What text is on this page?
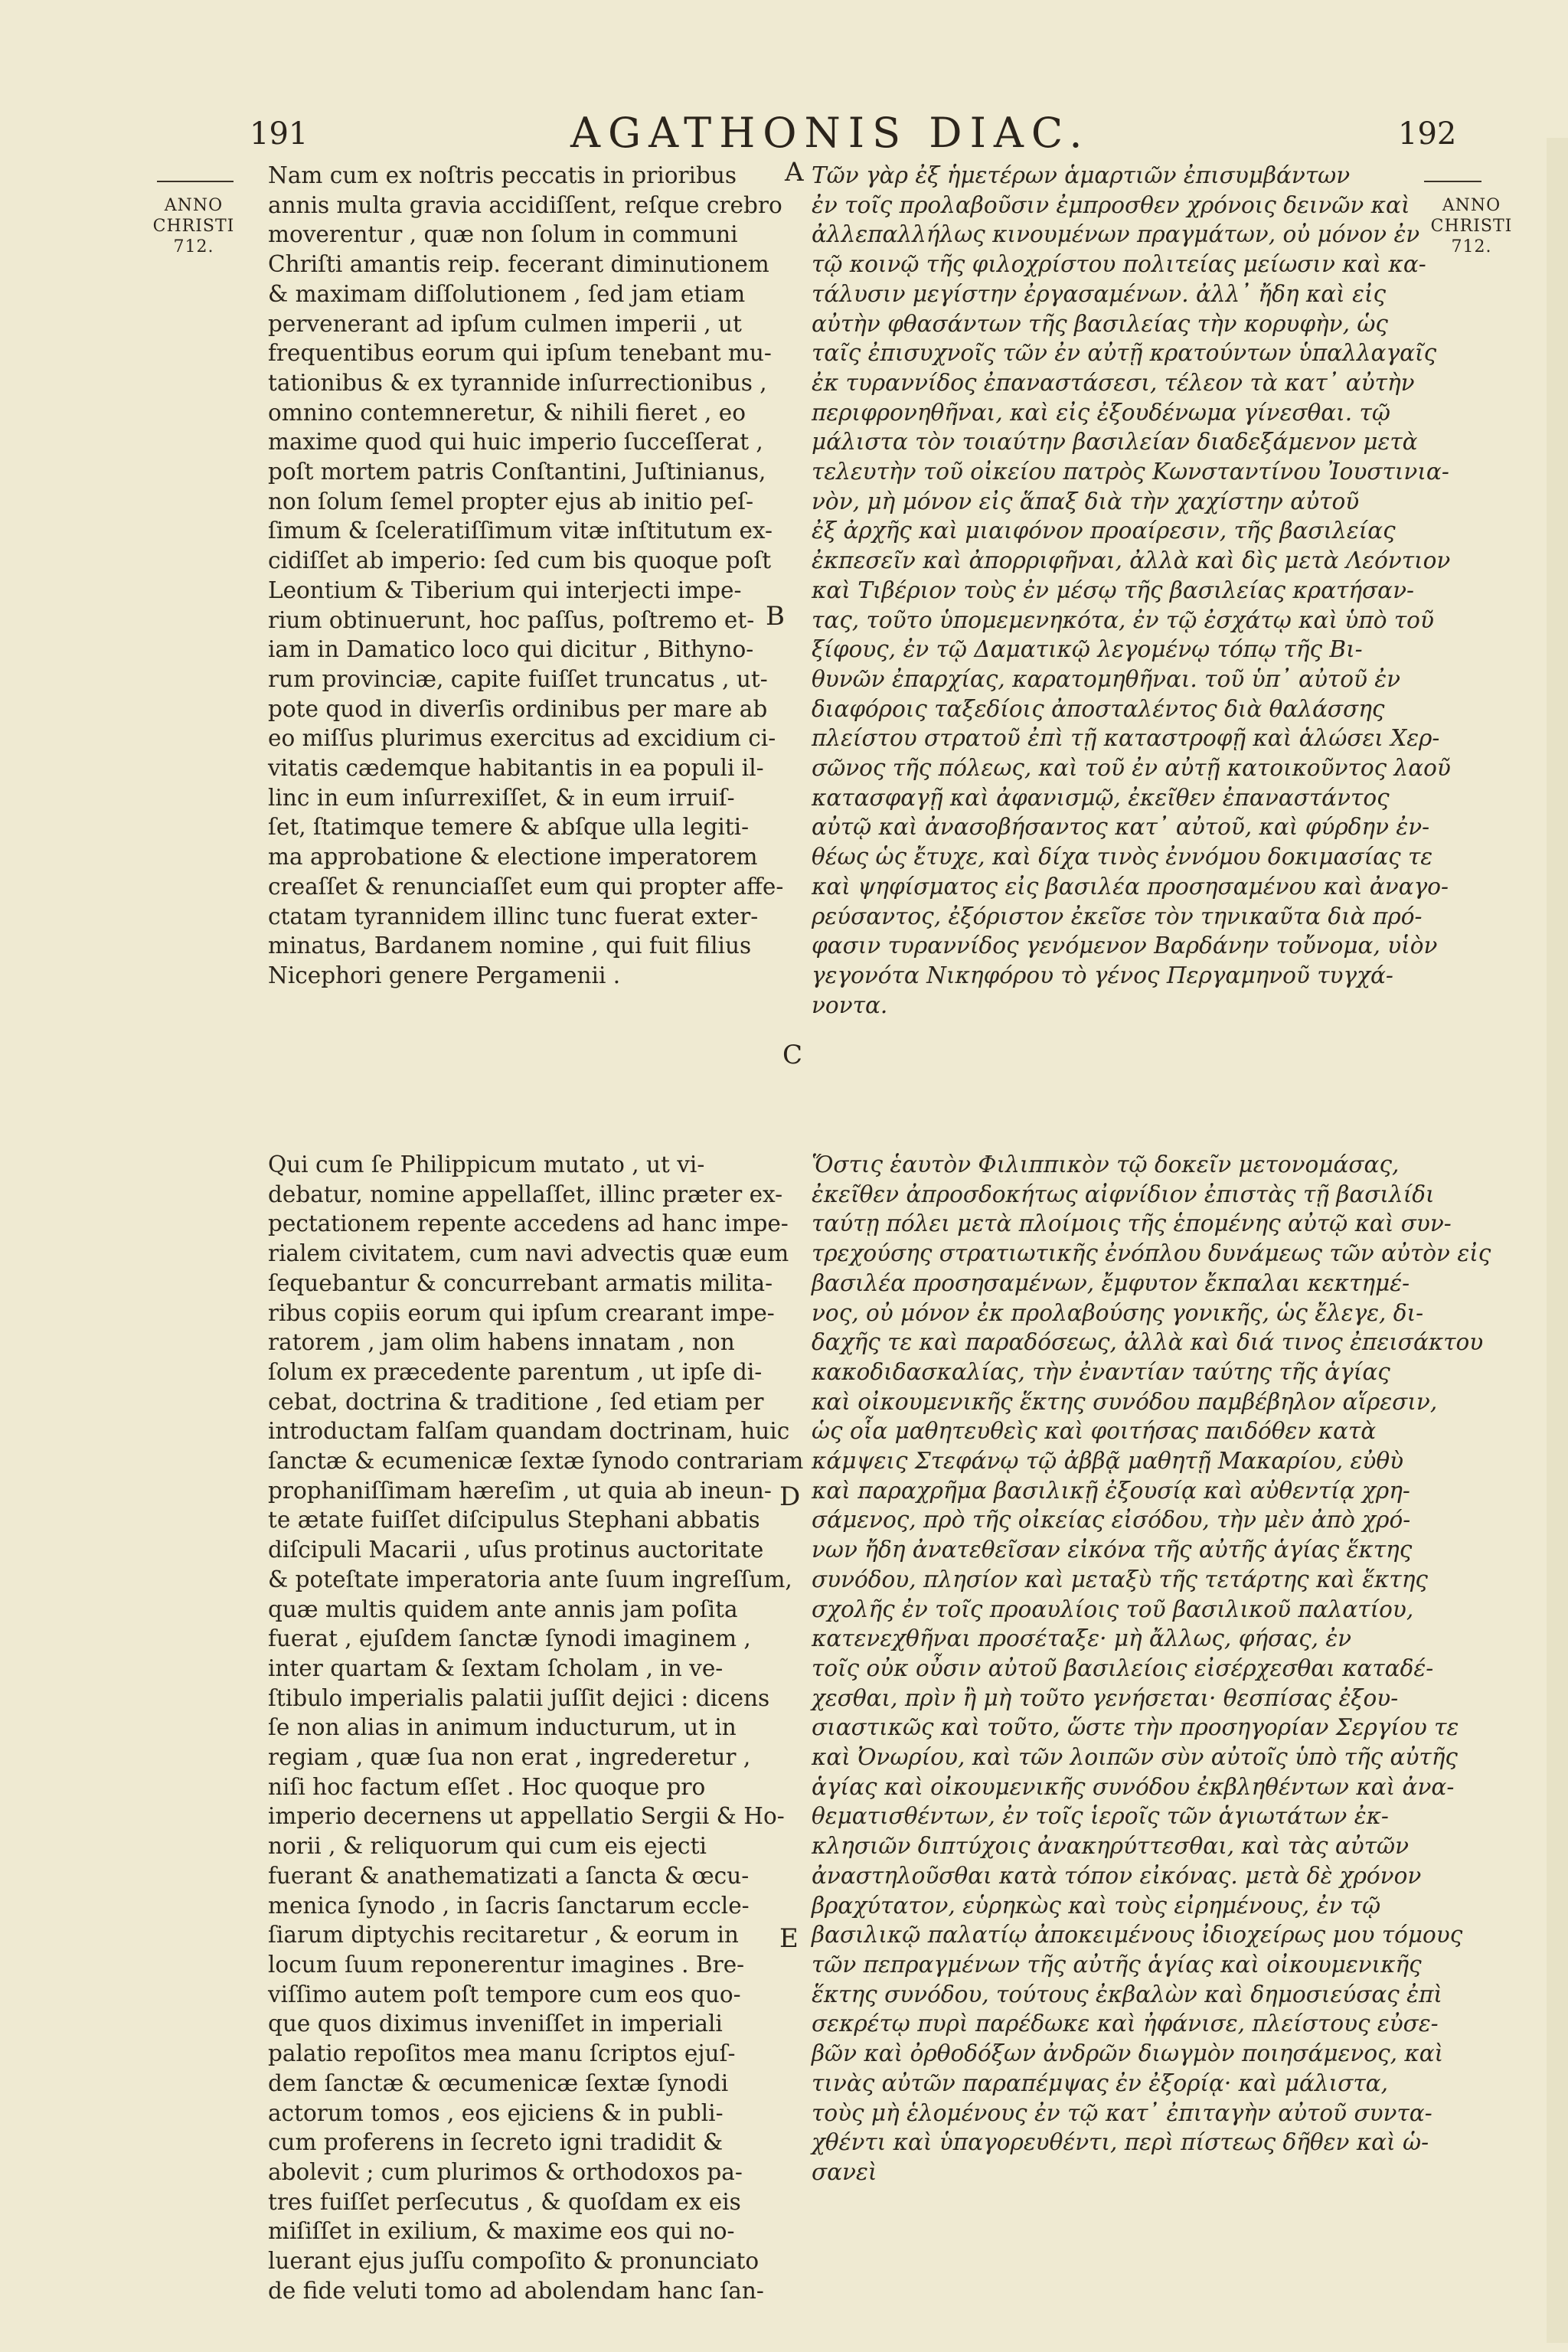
191	AGATHONIS DIAC.	192
ANNO
CHRISTI
712.
ANNO
CHRISTI
712.
A
B
C
D
E
Nam cum ex noſtris peccatis in prioribus
annis multa gravia accidiſſent, reſque crebro
moverentur , quæ non ſolum in communi
Chriſti amantis reip. fecerant diminutionem
& maximam diſſolutionem , ſed jam etiam
pervenerant ad ipſum culmen imperii , ut
frequentibus eorum qui ipſum tenebant mu-
tationibus & ex tyrannide inſurrectionibus ,
omnino contemneretur, & nihili fieret , eo
maxime quod qui huic imperio ſucceſſerat ,
poſt mortem patris Conſtantini, Juſtinianus,
non ſolum ſemel propter ejus ab initio peſ-
ſimum & ſceleratiſſimum vitæ inſtitutum ex-
cidiſſet ab imperio: ſed cum bis quoque poſt
Leontium & Tiberium qui interjecti impe-
rium obtinuerunt, hoc paſſus, poſtremo et-
iam in Damatico loco qui dicitur , Bithyno-
rum provinciæ, capite fuiſſet truncatus , ut-
pote quod in diverſis ordinibus per mare ab
eo miſſus plurimus exercitus ad excidium ci-
vitatis cædemque habitantis in ea populi il-
linc in eum inſurrexiſſet, & in eum irruiſ-
ſet, ſtatimque temere & abſque ulla legiti-
ma approbatione & electione imperatorem
creaſſet & renunciaſſet eum qui propter affe-
ctatam tyrannidem illinc tunc fuerat exter-
minatus, Bardanem nomine , qui fuit filius
Nicephori genere Pergamenii .
Qui cum ſe Philippicum mutato , ut vi-
debatur, nomine appellaſſet, illinc præter ex-
pectationem repente accedens ad hanc impe-
rialem civitatem, cum navi advectis quæ eum
ſequebantur & concurrebant armatis milita-
ribus copiis eorum qui ipſum crearant impe-
ratorem , jam olim habens innatam , non
ſolum ex præcedente parentum , ut ipſe di-
cebat, doctrina & traditione , ſed etiam per
introductam falſam quandam doctrinam, huic
ſanctæ & ecumenicæ ſextæ ſynodo contrariam
prophaniſſimam hæreſim , ut quia ab ineun-
te ætate fuiſſet diſcipulus Stephani abbatis
diſcipuli Macarii , uſus protinus auctoritate
& poteſtate imperatoria ante ſuum ingreſſum,
quæ multis quidem ante annis jam poſita
fuerat , ejuſdem ſanctæ ſynodi imaginem ,
inter quartam & ſextam ſcholam , in ve-
ſtibulo imperialis palatii juſſit dejici : dicens
ſe non alias in animum inducturum, ut in
regiam , quæ ſua non erat , ingrederetur ,
niſi hoc factum eſſet . Hoc quoque pro
imperio decernens ut appellatio Sergii & Ho-
norii , & reliquorum qui cum eis ejecti
fuerant & anathematizati a ſancta & œcu-
menica ſynodo , in ſacris ſanctarum eccle-
ſiarum diptychis recitaretur , & eorum in
locum ſuum reponerentur imagines . Bre-
viſſimo autem poſt tempore cum eos quo-
que quos diximus inveniſſet in imperiali
palatio repoſitos mea manu ſcriptos ejuſ-
dem ſanctæ & œcumenicæ ſextæ ſynodi
actorum tomos , eos ejiciens & in publi-
cum proferens in ſecreto igni tradidit &
abolevit ; cum plurimos & orthodoxos pa-
tres fuiſſet perſecutus , & quoſdam ex eis
miſiſſet in exilium, & maxime eos qui no-
luerant ejus juſſu compoſito & pronunciato
de fide veluti tomo ad abolendam hanc ſan-
Τῶν γὰρ ἐξ ἡμετέρων ἁμαρτιῶν ἐπισυμβάντων
ἐν τοῖς προλαβοῦσιν ἐμπροσθεν χρόνοις δεινῶν καὶ
ἀλλεπαλλήλως κινουμένων πραγμάτων, οὐ μόνον ἐν
τῷ κοινῷ τῆς φιλοχρίστου πολιτείας μείωσιν καὶ κα-
τάλυσιν μεγίστην ἐργασαμένων. ἀλλ᾽ ἤδη καὶ εἰς
αὐτὴν φθασάντων τῆς βασιλείας τὴν κορυφὴν, ὡς
ταῖς ἐπισυχνοῖς τῶν ἐν αὐτῇ κρατούντων ὑπαλλαγαῖς
ἐκ τυραννίδος ἐπαναστάσεσι, τέλεον τὰ κατ᾽ αὐτὴν
περιφρονηθῆναι, καὶ εἰς ἐξουδένωμα γίνεσθαι. τῷ
μάλιστα τὸν τοιαύτην βασιλείαν διαδεξάμενον μετὰ
τελευτὴν τοῦ οἰκείου πατρὸς Κωνσταντίνου Ἰουστινια-
νὸν, μὴ μόνον εἰς ἅπαξ διὰ τὴν χαχίστην αὐτοῦ
ἐξ ἀρχῆς καὶ μιαιφόνον προαίρεσιν, τῆς βασιλείας
ἐκπεσεῖν καὶ ἀπορριφῆναι, ἀλλὰ καὶ δὶς μετὰ Λεόντιον
καὶ Τιβέριον τοὺς ἐν μέσῳ τῆς βασιλείας κρατήσαν-
τας, τοῦτο ὑπομεμενηκότα, ἐν τῷ ἐσχάτῳ καὶ ὑπὸ τοῦ
ξίφους, ἐν τῷ Δαματικῷ λεγομένῳ τόπῳ τῆς Βι-
θυνῶν ἐπαρχίας, καρατομηθῆναι. τοῦ ὑπ᾽ αὐτοῦ ἐν
διαφόροις ταξεδίοις ἀποσταλέντος διὰ θαλάσσης
πλείστου στρατοῦ ἐπὶ τῇ καταστροφῇ καὶ ἁλώσει Χερ-
σῶνος τῆς πόλεως, καὶ τοῦ ἐν αὐτῇ κατοικοῦντος λαοῦ
κατασφαγῇ καὶ ἀφανισμῷ, ἐκεῖθεν ἐπαναστάντος
αὐτῷ καὶ ἀνασοβήσαντος κατ᾽ αὐτοῦ, καὶ φύρδην ἐν-
θέως ὡς ἔτυχε, καὶ δίχα τινὸς ἐννόμου δοκιμασίας τε
καὶ ψηφίσματος εἰς βασιλέα προσησαμένου καὶ ἀναγο-
ρεύσαντος, ἐξόριστον ἐκεῖσε τὸν τηνικαῦτα διὰ πρό-
φασιν τυραννίδος γενόμενον Βαρδάνην τοὔνομα, υἱὸν
γεγονότα Νικηφόρου τὸ γένος Περγαμηνοῦ τυγχά-
νοντα.
Ὅστις ἑαυτὸν Φιλιππικὸν τῷ δοκεῖν μετονομάσας,
ἐκεῖθεν ἀπροσδοκήτως αἰφνίδιον ἐπιστὰς τῇ βασιλίδι
ταύτῃ πόλει μετὰ πλοίμοις τῆς ἑπομένης αὐτῷ καὶ συν-
τρεχούσης στρατιωτικῆς ἐνόπλου δυνάμεως τῶν αὐτὸν εἰς
βασιλέα προσησαμένων, ἔμφυτον ἔκπαλαι κεκτημέ-
νος, οὐ μόνον ἐκ προλαβούσης γονικῆς, ὡς ἔλεγε, δι-
δαχῆς τε καὶ παραδόσεως, ἀλλὰ καὶ διά τινος ἐπεισάκτου
κακοδιδασκαλίας, τὴν ἐναντίαν ταύτης τῆς ἁγίας
καὶ οἰκουμενικῆς ἕκτης συνόδου παμβέβηλον αἵρεσιν,
ὡς οἷα μαθητευθεὶς καὶ φοιτήσας παιδόθεν κατὰ
κάμψεις Στεφάνῳ τῷ ἀββᾷ μαθητῇ Μακαρίου, εὐθὺ
καὶ παραχρῆμα βασιλικῇ ἐξουσίᾳ καὶ αὐθεντίᾳ χρη-
σάμενος, πρὸ τῆς οἰκείας εἰσόδου, τὴν μὲν ἀπὸ χρό-
νων ἤδη ἀνατεθεῖσαν εἰκόνα τῆς αὐτῆς ἁγίας ἕκτης
συνόδου, πλησίον καὶ μεταξὺ τῆς τετάρτης καὶ ἕκτης
σχολῆς ἐν τοῖς προαυλίοις τοῦ βασιλικοῦ παλατίου,
κατενεχθῆναι προσέταξε· μὴ ἄλλως, φήσας, ἐν
τοῖς οὐκ οὖσιν αὐτοῦ βασιλείοις εἰσέρχεσθαι καταδέ-
χεσθαι, πρὶν ἢ μὴ τοῦτο γενήσεται· θεσπίσας ἐξου-
σιαστικῶς καὶ τοῦτο, ὥστε τὴν προσηγορίαν Σεργίου τε
καὶ Ὀνωρίου, καὶ τῶν λοιπῶν σὺν αὐτοῖς ὑπὸ τῆς αὐτῆς
ἁγίας καὶ οἰκουμενικῆς συνόδου ἐκβληθέντων καὶ ἀνα-
θεματισθέντων, ἐν τοῖς ἱεροῖς τῶν ἁγιωτάτων ἐκ-
κλησιῶν διπτύχοις ἀνακηρύττεσθαι, καὶ τὰς αὐτῶν
ἀναστηλοῦσθαι κατὰ τόπον εἰκόνας. μετὰ δὲ χρόνον
βραχύτατον, εὑρηκὼς καὶ τοὺς εἰρημένους, ἐν τῷ
βασιλικῷ παλατίῳ ἀποκειμένους ἰδιοχείρως μου τόμους
τῶν πεπραγμένων τῆς αὐτῆς ἁγίας καὶ οἰκουμενικῆς
ἕκτης συνόδου, τούτους ἐκβαλὼν καὶ δημοσιεύσας ἐπὶ
σεκρέτῳ πυρὶ παρέδωκε καὶ ἠφάνισε, πλείστους εὐσε-
βῶν καὶ ὀρθοδόξων ἀνδρῶν διωγμὸν ποιησάμενος, καὶ
τινὰς αὐτῶν παραπέμψας ἐν ἐξορίᾳ· καὶ μάλιστα,
τοὺς μὴ ἑλομένους ἐν τῷ κατ᾽ ἐπιταγὴν αὐτοῦ συντα-
χθέντι καὶ ὑπαγορευθέντι, περὶ πίστεως δῆθεν καὶ ὡ-
σανεὶ
